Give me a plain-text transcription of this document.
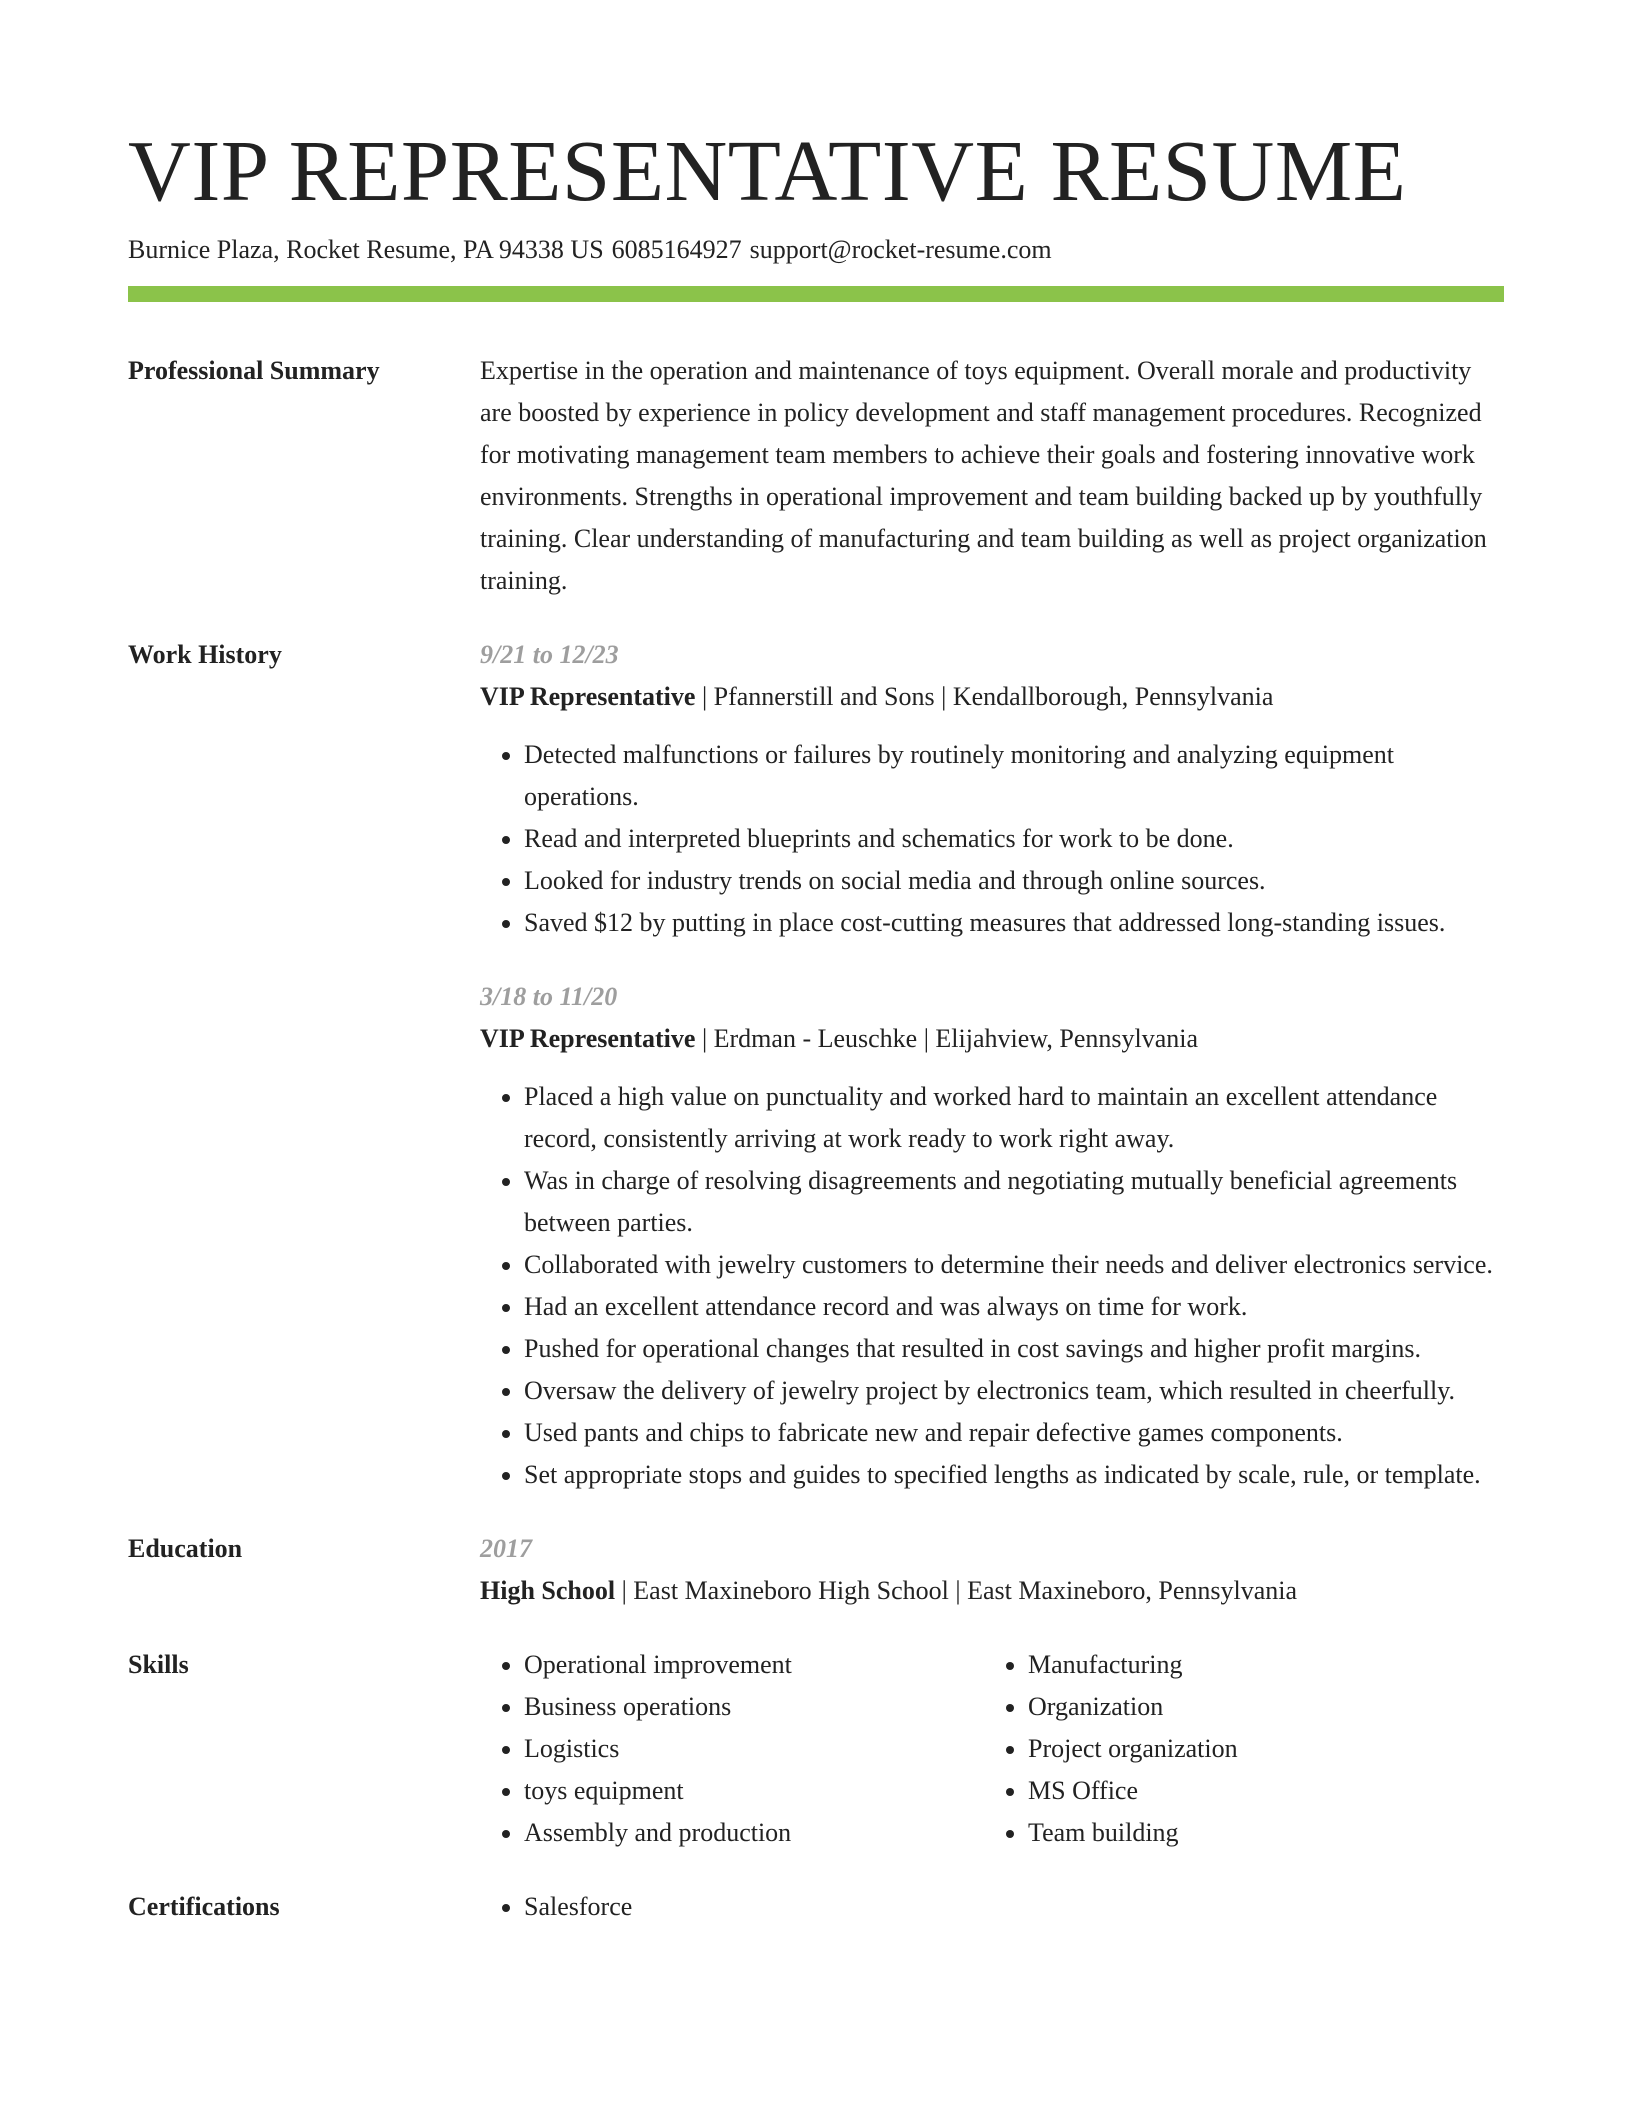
VIP REPRESENTATIVE RESUME
Burnice Plaza, Rocket Resume, PA 94338 US 6085164927 support@rocket-resume.com
Professional Summary	Expertise in the operation and maintenance of toys equipment. Overall morale and productivity are boosted by experience in policy development and staff management procedures. Recognized for motivating management team members to achieve their goals and fostering innovative work environments. Strengths in operational improvement and team building backed up by youthfully training. Clear understanding of manufacturing and team building as well as project organization training.

Work History	9/21 to 12/23
VIP Representative | Pfannerstill and Sons | Kendallborough, Pennsylvania
• Detected malfunctions or failures by routinely monitoring and analyzing equipment operations.
• Read and interpreted blueprints and schematics for work to be done.
• Looked for industry trends on social media and through online sources.
• Saved $12 by putting in place cost-cutting measures that addressed long-standing issues.
3/18 to 11/20
VIP Representative | Erdman - Leuschke | Elijahview, Pennsylvania
• Placed a high value on punctuality and worked hard to maintain an excellent attendance record, consistently arriving at work ready to work right away.
• Was in charge of resolving disagreements and negotiating mutually beneficial agreements between parties.
• Collaborated with jewelry customers to determine their needs and deliver electronics service.
• Had an excellent attendance record and was always on time for work.
• Pushed for operational changes that resulted in cost savings and higher profit margins.
• Oversaw the delivery of jewelry project by electronics team, which resulted in cheerfully.
• Used pants and chips to fabricate new and repair defective games components.
• Set appropriate stops and guides to specified lengths as indicated by scale, rule, or template.
Education	2017
High School | East Maxineboro High School | East Maxineboro, Pennsylvania
Skills	• Operational improvement
• Business operations
• Logistics
• toys equipment
• Assembly and production
• Manufacturing
• Organization
• Project organization
• MS Office
• Team building
Certifications	• Salesforce
